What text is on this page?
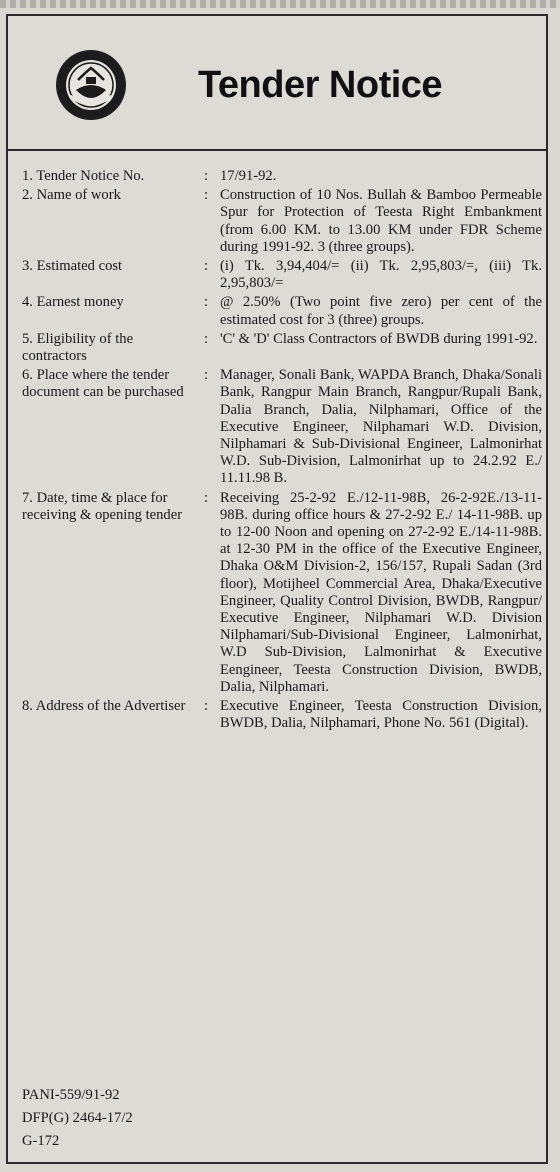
Tender Notice
1. Tender Notice No.	: 17/91-92.
2. Name of work	: Construction of 10 Nos. Bullah & Bamboo Permeable Spur for Protection of Teesta Right Embankment (from 6.00 KM. to 13.00 KM under FDR Scheme during 1991-92. 3 (three groups).
3. Estimated cost	: (i) Tk. 3,94,404/= (ii) Tk. 2,95,803/=, (iii) Tk. 2,95,803/=
4. Earnest money	: @ 2.50% (Two point five zero) per cent of the estimated cost for 3 (three) groups.
5. Eligibility of the contractors
: 'C' & 'D' Class Contractors of BWDB during 1991-92.
6. Place where the tender document can be purchased
: Manager, Sonali Bank, WAPDA Branch, Dhaka/Sonali Bank, Rangpur Main Branch, Rangpur/Rupali Bank, Dalia Branch, Dalia, Nilphamari, Office of the Executive Engineer, Nilphamari W.D. Division, Nilphamari & Sub-Divisional Engineer, Lalmonirhat W.D. Sub-Division, Lalmonirhat up to 24.2.92 E./ 11.11.98 B.
7. Date, time & place for receiving & opening tender
: Receiving 25-2-92 E./12-11-98B, 26-2-92E./13-11-98B. during office hours & 27-2-92 E./ 14-11-98B. up to 12-00 Noon and opening on 27-2-92 E./14-11-98B. at 12-30 PM in the office of the Executive Engineer, Dhaka O&M Division-2, 156/157, Rupali Sadan (3rd floor), Motijheel Commercial Area, Dhaka/Executive Engineer, Quality Control Division, BWDB, Rangpur/ Executive Engineer, Nilphamari W.D. Division Nilphamari/Sub-Divisional Engineer, Lalmonirhat, W.D Sub-Division, Lalmonirhat & Executive Eengineer, Teesta Construction Division, BWDB, Dalia, Nilphamari.
8. Address of the Advertiser	: Executive Engineer, Teesta Construction Division, BWDB, Dalia, Nilphamari, Phone No. 561 (Digital).
PANI-559/91-92
DFP(G) 2464-17/2
G-172
